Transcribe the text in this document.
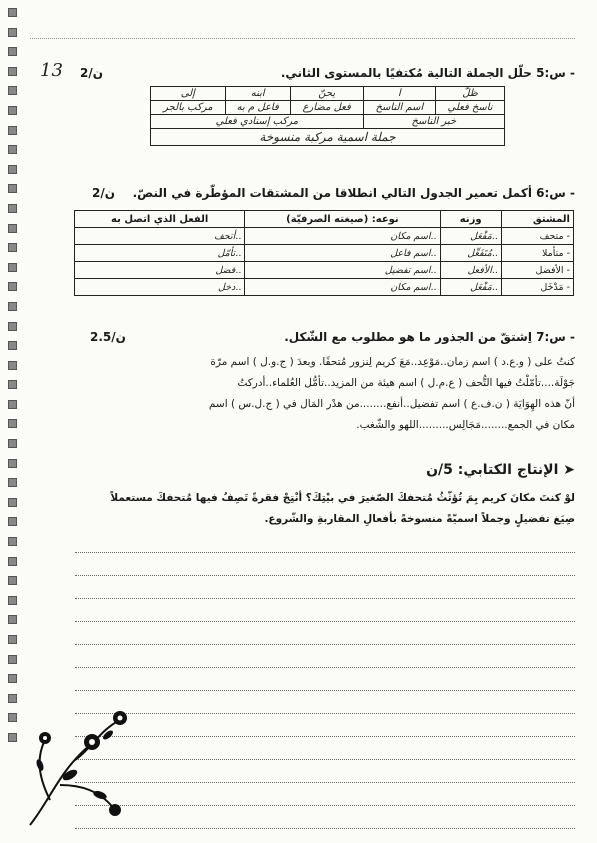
13 2/ن	- س:5 حلّل الجملة التالية مُكتفيًا بالمستوى الثاني.
ظلّ	ا	يحنّ	ابنه	إلى
ناسخ فعلي	اسم الناسخ	فعل مضارع	فاعل م به	مركب بالجر
خبر الناسخ		مركب إسنادي فعلي		
جملة اسمية مركبة منسوخة				
2/ن - س:6 أكمل تعمير الجدول التالي انطلاقا من المشتقات المؤطّرة في النصّ.
المشتق	وزنه	نوعه: (صيغته الصرفيّة)	الفعل الذي اتصل به
- متحف	..مَفْعَل	..اسم مكان	..أتحف
- متأملا	..مُتَفَعِّل	..اسم فاعل	..تأمّل
- الأفضل	..الأفعل	..اسم تفضيل	..فضل
- مَدْخَل	..مَفْعَل	..اسم مكان	..دخل
2.5/ن	- س:7 اِشتقّ من الجذور ما هو مطلوب مع الشّكل.
كنتُ على ( و.ع.د ) اسم زمان..مَوْعِد..مَعَ كريم لِنزور مُتحفًا. وبعدَ ( ج.و.ل ) اسم مرّة
جَوْلَة....تأمّلْتُ فيها التُّحف ( ع.م.ل ) اسم هيئة من المزيد..تأمُّل العُلماء..أدركتُ
أنّ هذه الهِوَايَة ( ن.ف.ع ) اسم تفضيل..أنفع........من هدْر المَال في ( ج.ل.س ) اسم
مكان في الجمع........مَجَالِس.........اللهو والشّغب.
➤ الإنتاج الكتابي: 5/ن
لوْ كنتَ مكانَ كريم بِمَ تُؤثّثُ مُتحفكَ الصّغيرَ في بيْتِكَ؟ أنْتِجْ فقرةً تَصِفُ فيها مُتحفكَ مستعملاً
صِيَغ تفضيلٍ وجملاً اسميّةً منسوخةً بأفعالِ المقاربةِ والشّروع.
